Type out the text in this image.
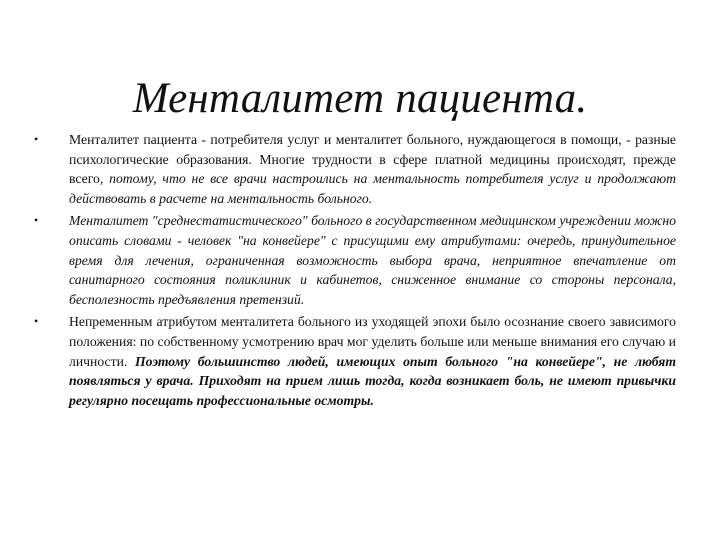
Менталитет пациента.
•	Менталитет пациента - потребителя услуг и менталитет больного, нуждающегося в помощи, - разные психологические образования. Многие трудности в сфере платной медицины происходят, прежде всего, потому, что не все врачи настроились на ментальность потребителя услуг и продолжают действовать в расчете на ментальность больного.
•	Менталитет "среднестатистического" больного в государственном медицинском учреждении можно описать словами - человек "на конвейере" с присущими ему атрибутами: очередь, принудительное время для лечения, ограниченная возможность выбора врача, неприятное впечатление от санитарного состояния поликлиник и кабинетов, сниженное внимание со стороны персонала, бесполезность предъявления претензий.
•	Непременным атрибутом менталитета больного из уходящей эпохи было осознание своего зависимого положения: по собственному усмотрению врач мог уделить больше или меньше внимания его случаю и личности. Поэтому большинство людей, имеющих опыт больного "на конвейере", не любят появляться у врача. Приходят на прием лишь тогда, когда возникает боль, не имеют привычки регулярно посещать профессиональные осмотры.
